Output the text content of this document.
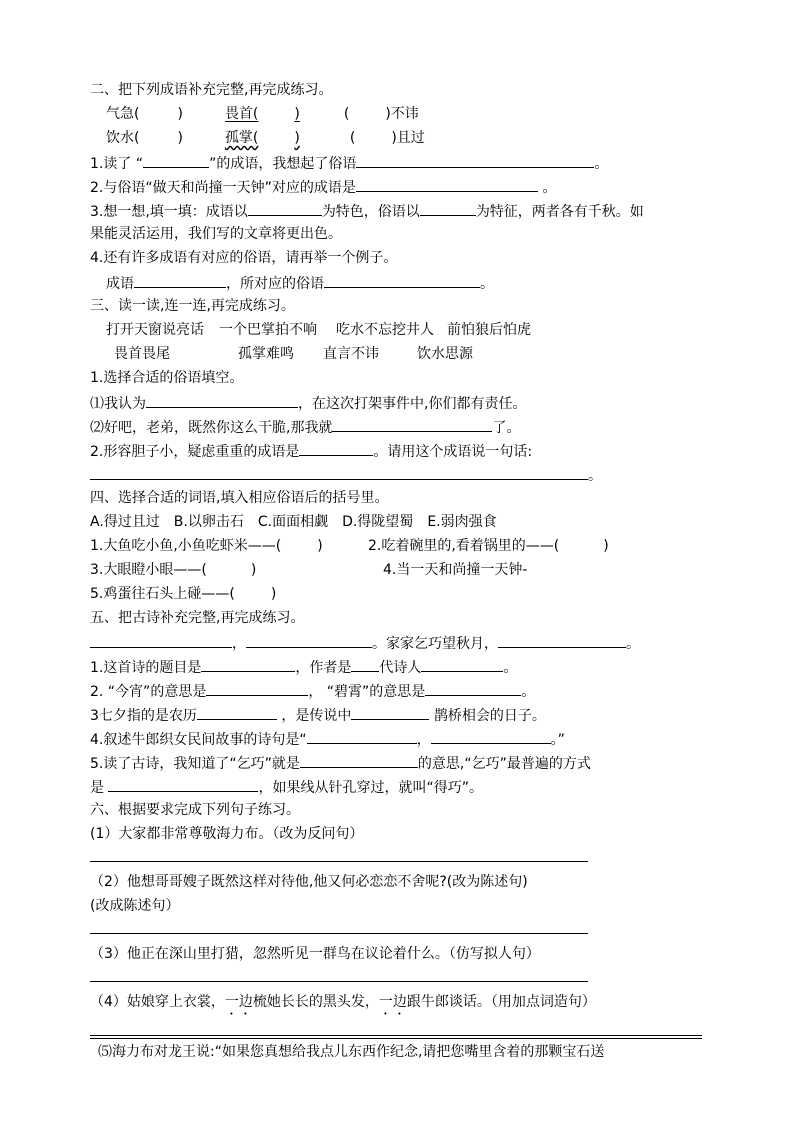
二、把下列成语补充完整,再完成练习。
气急(	)	畏首(	)	(	)不讳
饮水(	)	孤掌(	)	(	)且过
1.读了 “	”的成语，我想起了俗语	。
2.与俗语“做天和尚撞一天钟”对应的成语是	。
3.想一想,填一填：成语以	为特色，俗语以	为特征，两者各有千秋。如
果能灵活运用，我们写的文章将更出色。
4.还有许多成语有对应的俗语，请再举一个例子。
成语	，所对应的俗语	。
三、读一读,连一连,再完成练习。
打开天窗说亮话 一个巴掌拍不响 吃水不忘挖井人 前怕狼后怕虎
畏首畏尾	孤掌难鸣 直言不讳	饮水思源
1.选择合适的俗语填空。
⑴我认为	，在这次打架事件中,你们都有责任。
⑵好吧，老弟，既然你这么干脆,那我就	了。
2.形容胆子小，疑虑重重的成语是	。请用这个成语说一句话:
。
四、选择合适的词语,填入相应俗语后的括号里。
A.得过且过 B.以卵击石 C.面面相觑 D.得陇望蜀 E.弱肉强食
1.大鱼吃小鱼,小鱼吃虾米——(	)	2.吃着碗里的,看着锅里的——(	)
3.大眼瞪小眼——(	)	4.当一天和尚撞一天钟-
5.鸡蛋往石头上碰——(	)
五、把古诗补充完整,再完成练习。
，	。家家乞巧望秋月，	。
1.这首诗的题目是	，作者是 代诗人	。
2. “今宵”的意思是	， “碧霄”的意思是	。
3七夕指的是农历	，是传说中	鹊桥相会的日子。
4.叙述牛郎织女民间故事的诗句是“	，	。”
5.读了古诗，我知道了“乞巧”就是	的意思,“乞巧”最普遍的方式
是	，如果线从针孔穿过，就叫“得巧”。
六、根据要求完成下列句子练习。
(1）大家都非常尊敬海力布。（改为反问句）
（2）他想哥哥嫂子既然这样对待他,他又何必恋恋不舍呢?(改为陈述句)
(改成陈述句）
（3）他正在深山里打猎，忽然听见一群鸟在议论着什么。（仿写拟人句）
（4）姑娘穿上衣裳，一边梳她长长的黑头发，一边跟牛郎谈话。（用加点词造句）
⑸海力布对龙王说:“如果您真想给我点儿东西作纪念,请把您嘴里含着的那颗宝石送
